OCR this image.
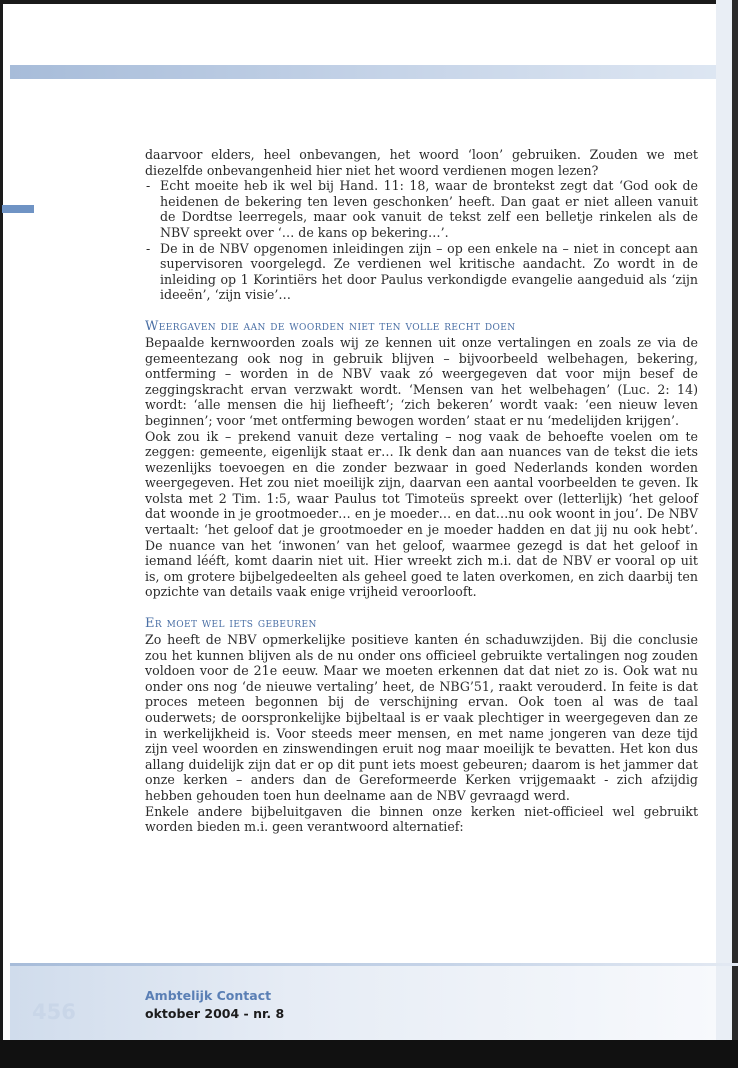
daarvoor elders, heel onbevangen, het woord ‘loon’ gebruiken. Zouden we met diezelfde onbevangenheid hier niet het woord verdienen mogen lezen?

- Echt moeite heb ik wel bij Hand. 11: 18, waar de brontekst zegt dat ‘God ook de heidenen de bekering ten leven geschonken’ heeft. Dan gaat er niet alleen vanuit de Dordtse leerregels, maar ook vanuit de tekst zelf een belletje rinkelen als de NBV spreekt over ‘… de kans op bekering…’.

- De in de NBV opgenomen inleidingen zijn – op een enkele na – niet in concept aan supervisoren voorgelegd. Ze verdienen wel kritische aandacht. Zo wordt in de inleiding op 1 Korintiërs het door Paulus verkondigde evangelie aangeduid als ‘zijn ideeën’, ‘zijn visie’…

Weergaven die aan de woorden niet ten volle recht doen

Bepaalde kernwoorden zoals wij ze kennen uit onze vertalingen en zoals ze via de gemeentezang ook nog in gebruik blijven – bijvoorbeeld welbehagen, bekering, ontferming – worden in de NBV vaak zó weergegeven dat voor mijn besef de zeggingskracht ervan verzwakt wordt. ‘Mensen van het welbehagen’ (Luc. 2: 14) wordt: ‘alle mensen die hij liefheeft’; ‘zich bekeren’ wordt vaak: ‘een nieuw leven beginnen’; voor ‘met ontferming bewogen worden’ staat er nu ‘medelijden krijgen’.

Ook zou ik – prekend vanuit deze vertaling – nog vaak de behoefte voelen om te zeggen: gemeente, eigenlijk staat er… Ik denk dan aan nuances van de tekst die iets wezenlijks toevoegen en die zonder bezwaar in goed Nederlands konden worden weergegeven. Het zou niet moeilijk zijn, daarvan een aantal voorbeelden te geven. Ik volsta met 2 Tim. 1:5, waar Paulus tot Timoteüs spreekt over (letterlijk) ‘het geloof dat woonde in je grootmoeder… en je moeder… en dat…nu ook woont in jou’. De NBV vertaalt: ‘het geloof dat je grootmoeder en je moeder hadden en dat jij nu ook hebt’. De nuance van het ‘inwonen’ van het geloof, waarmee gezegd is dat het geloof in iemand lééft, komt daarin niet uit. Hier wreekt zich m.i. dat de NBV er vooral op uit is, om grotere bijbelgedeelten als geheel goed te laten overkomen, en zich daarbij ten opzichte van details vaak enige vrijheid veroorlooft.

Er moet wel iets gebeuren

Zo heeft de NBV opmerkelijke positieve kanten én schaduwzijden. Bij die conclusie zou het kunnen blijven als de nu onder ons officieel gebruikte vertalingen nog zouden voldoen voor de 21e eeuw. Maar we moeten erkennen dat dat niet zo is. Ook wat nu onder ons nog ‘de nieuwe vertaling’ heet, de NBG’51, raakt verouderd. In feite is dat proces meteen begonnen bij de verschijning ervan. Ook toen al was de taal ouderwets; de oorspronkelijke bijbeltaal is er vaak plechtiger in weergegeven dan ze in werkelijkheid is. Voor steeds meer mensen, en met name jongeren van deze tijd zijn veel woorden en zinswendingen eruit nog maar moeilijk te bevatten. Het kon dus allang duidelijk zijn dat er op dit punt iets moest gebeuren; daarom is het jammer dat onze kerken – anders dan de Gereformeerde Kerken vrijgemaakt - zich afzijdig hebben gehouden toen hun deelname aan de NBV gevraagd werd.

Enkele andere bijbeluitgaven die binnen onze kerken niet-officieel wel gebruikt worden bieden m.i. geen verantwoord alternatief:

456
Ambtelijk Contact
oktober 2004 - nr. 8
